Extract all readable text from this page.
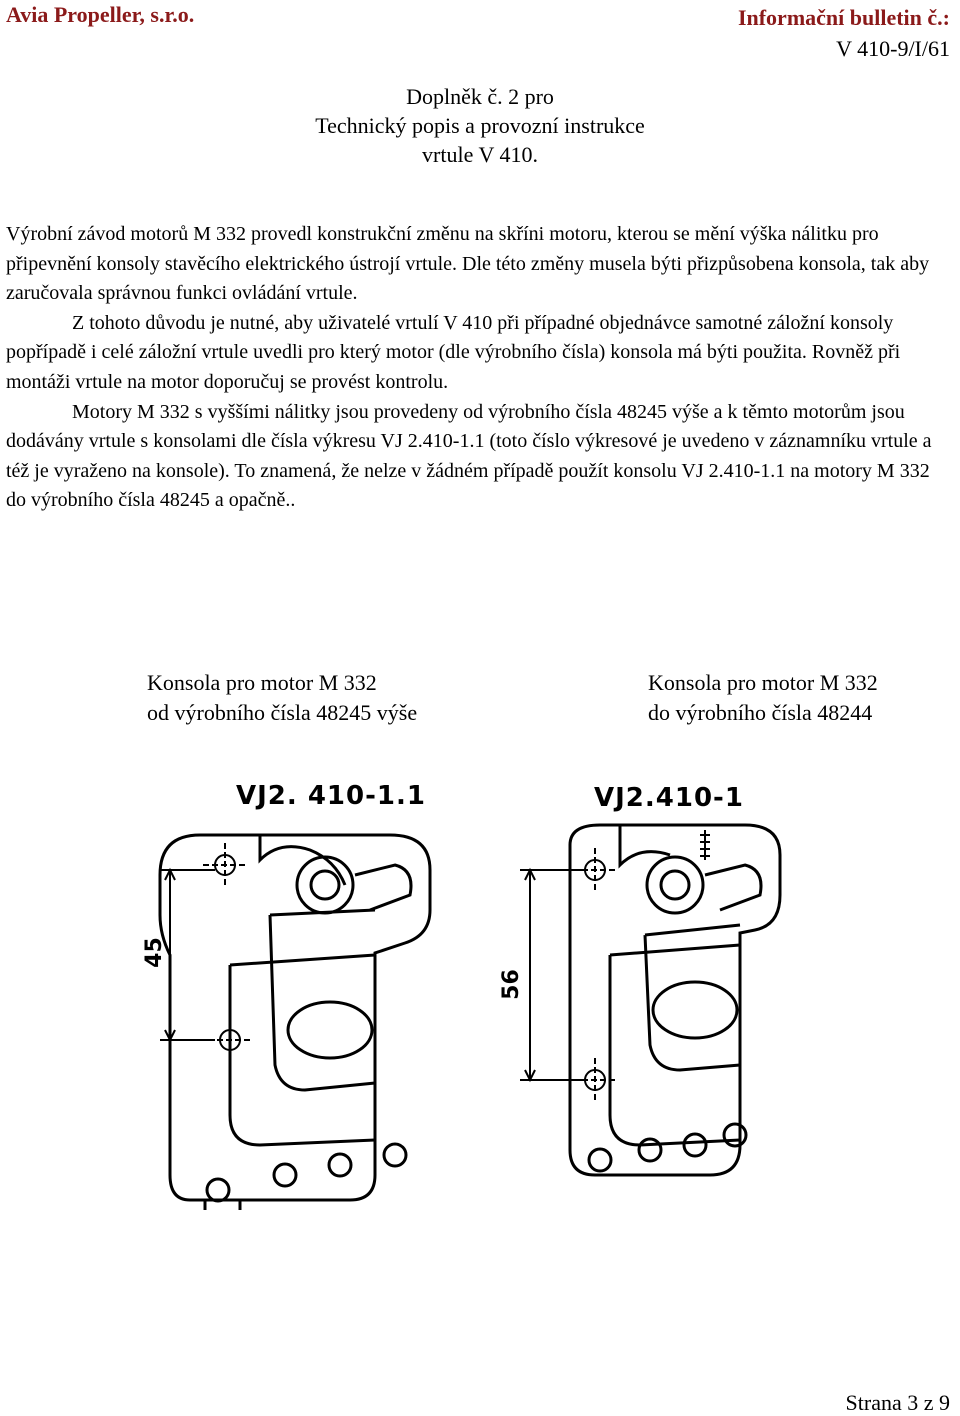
Avia Propeller, s.r.o.	Informační bulletin č.:
V 410-9/I/61
Doplněk č. 2 pro
Technický popis a provozní instrukce
vrtule V 410.

Výrobní závod motorů M 332 provedl konstrukční změnu na skříni motoru, kterou se mění výška nálitku pro připevnění konsoly stavěcího elektrického ústrojí vrtule. Dle této změny musela býti přizpůsobena konsola, tak aby zaručovala správnou funkci ovládání vrtule.

Z tohoto důvodu je nutné, aby uživatelé vrtulí V 410 při případné objednávce samotné záložní konsoly popřípadě i celé záložní vrtule uvedli pro který motor (dle výrobního čísla) konsola má býti použita. Rovněž při montáži vrtule na motor doporučuj se provést kontrolu.

Motory M 332 s vyššími nálitky jsou provedeny od výrobního čísla 48245 výše a k těmto motorům jsou dodávány vrtule s konsolami dle čísla výkresu VJ 2.410-1.1 (toto číslo výkresové je uvedeno v záznamníku vrtule a též je vyraženo na konsole). To znamená, že nelze v žádném případě použít konsolu VJ 2.410-1.1 na motory M 332 do výrobního čísla 48245 a opačně..

Konsola pro motor M 332
od výrobního čísla 48245 výše
Konsola pro motor M 332
do výrobního čísla 48244
VJ2. 410-1.1
45
VJ2.410-1
56
Strana 3 z 9
